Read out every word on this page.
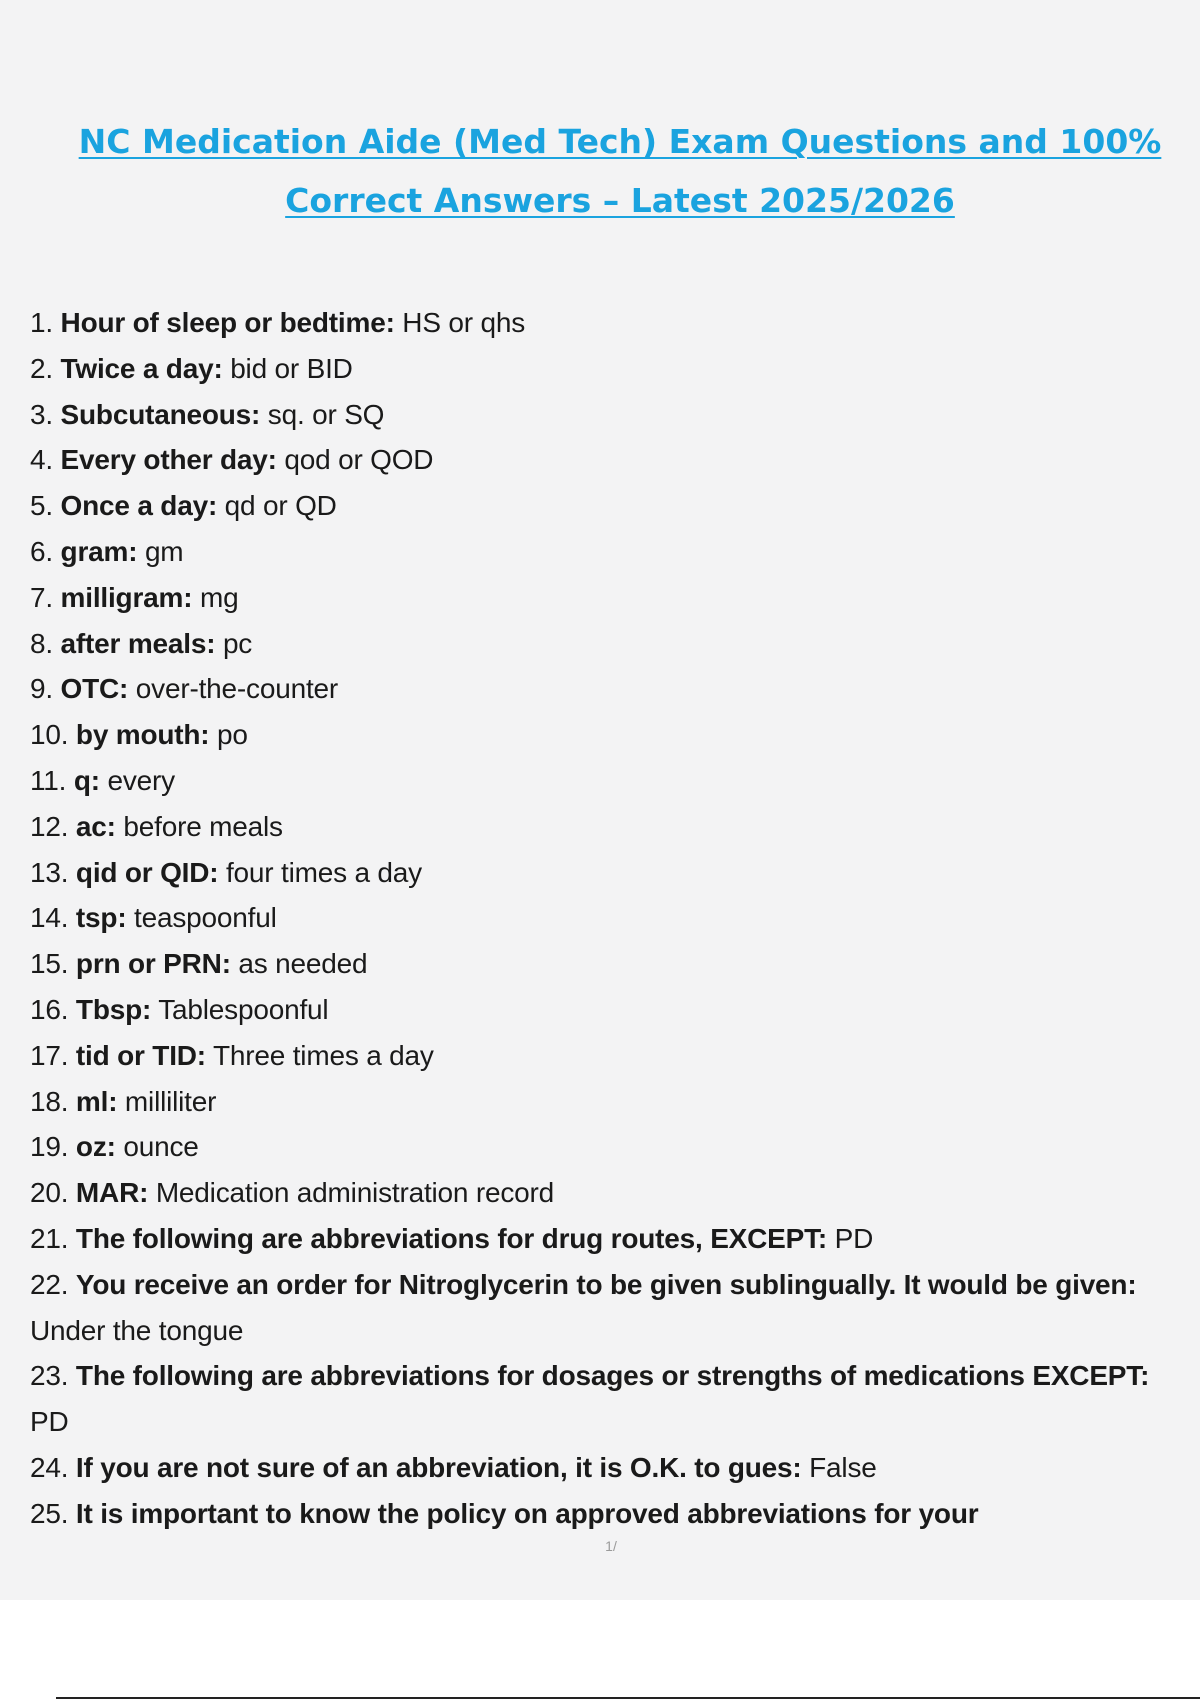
NC Medication Aide (Med Tech) Exam Questions and 100%
Correct Answers – Latest 2025/2026
1. Hour of sleep or bedtime: HS or qhs
2. Twice a day: bid or BID
3. Subcutaneous: sq. or SQ
4. Every other day: qod or QOD
5. Once a day: qd or QD
6. gram: gm
7. milligram: mg
8. after meals: pc
9. OTC: over-the-counter
10. by mouth: po
11. q: every
12. ac: before meals
13. qid or QID: four times a day
14. tsp: teaspoonful
15. prn or PRN: as needed
16. Tbsp: Tablespoonful
17. tid or TID: Three times a day
18. ml: milliliter
19. oz: ounce
20. MAR: Medication administration record
21. The following are abbreviations for drug routes, EXCEPT: PD
22. You receive an order for Nitroglycerin to be given sublingually. It would be given: Under the tongue
23. The following are abbreviations for dosages or strengths of medications EXCEPT: PD
24. If you are not sure of an abbreviation, it is O.K. to gues: False
25. It is important to know the policy on approved abbreviations for your
1/
